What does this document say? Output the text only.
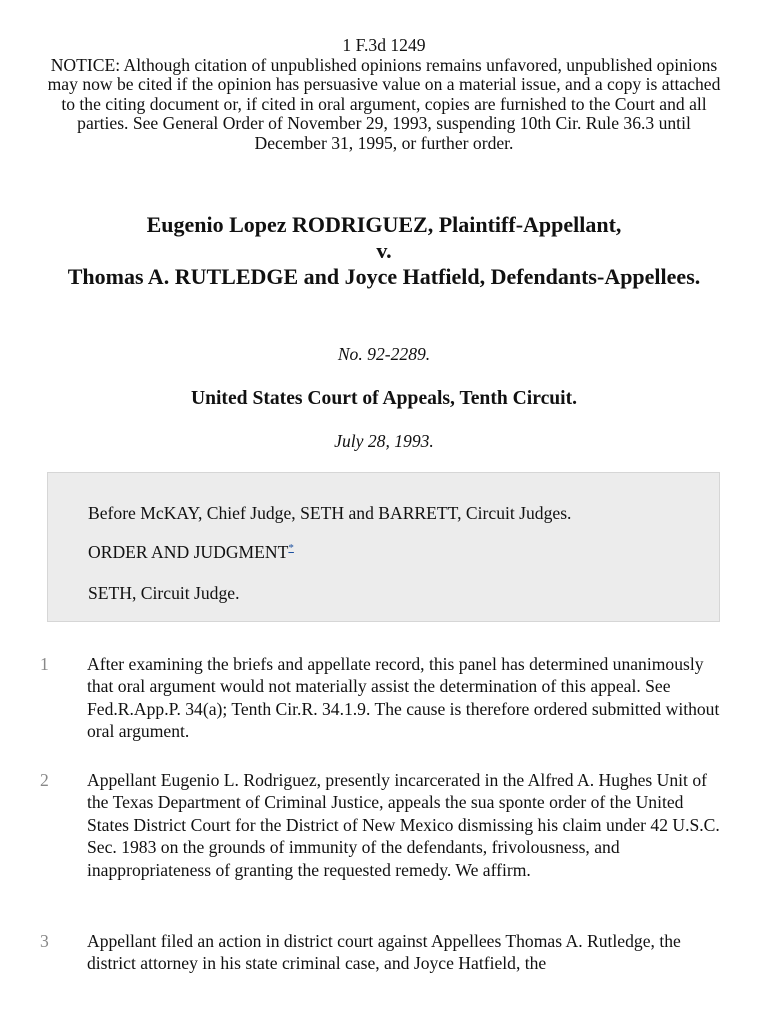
1 F.3d 1249
NOTICE: Although citation of unpublished opinions remains unfavored, unpublished opinions may now be cited if the opinion has persuasive value on a material issue, and a copy is attached to the citing document or, if cited in oral argument, copies are furnished to the Court and all parties. See General Order of November 29, 1993, suspending 10th Cir. Rule 36.3 until December 31, 1995, or further order.
Eugenio Lopez RODRIGUEZ, Plaintiff-Appellant,
v.
Thomas A. RUTLEDGE and Joyce Hatfield, Defendants-Appellees.
No. 92-2289.
United States Court of Appeals, Tenth Circuit.
July 28, 1993.
Before McKAY, Chief Judge, SETH and BARRETT, Circuit Judges.
ORDER AND JUDGMENT*
SETH, Circuit Judge.
1	After examining the briefs and appellate record, this panel has determined unanimously that oral argument would not materially assist the determination of this appeal. See Fed.R.App.P. 34(a); Tenth Cir.R. 34.1.9. The cause is therefore ordered submitted without oral argument.
2	Appellant Eugenio L. Rodriguez, presently incarcerated in the Alfred A. Hughes Unit of the Texas Department of Criminal Justice, appeals the sua sponte order of the United States District Court for the District of New Mexico dismissing his claim under 42 U.S.C. Sec. 1983 on the grounds of immunity of the defendants, frivolousness, and inappropriateness of granting the requested remedy. We affirm.
3	Appellant filed an action in district court against Appellees Thomas A. Rutledge, the district attorney in his state criminal case, and Joyce Hatfield, the
